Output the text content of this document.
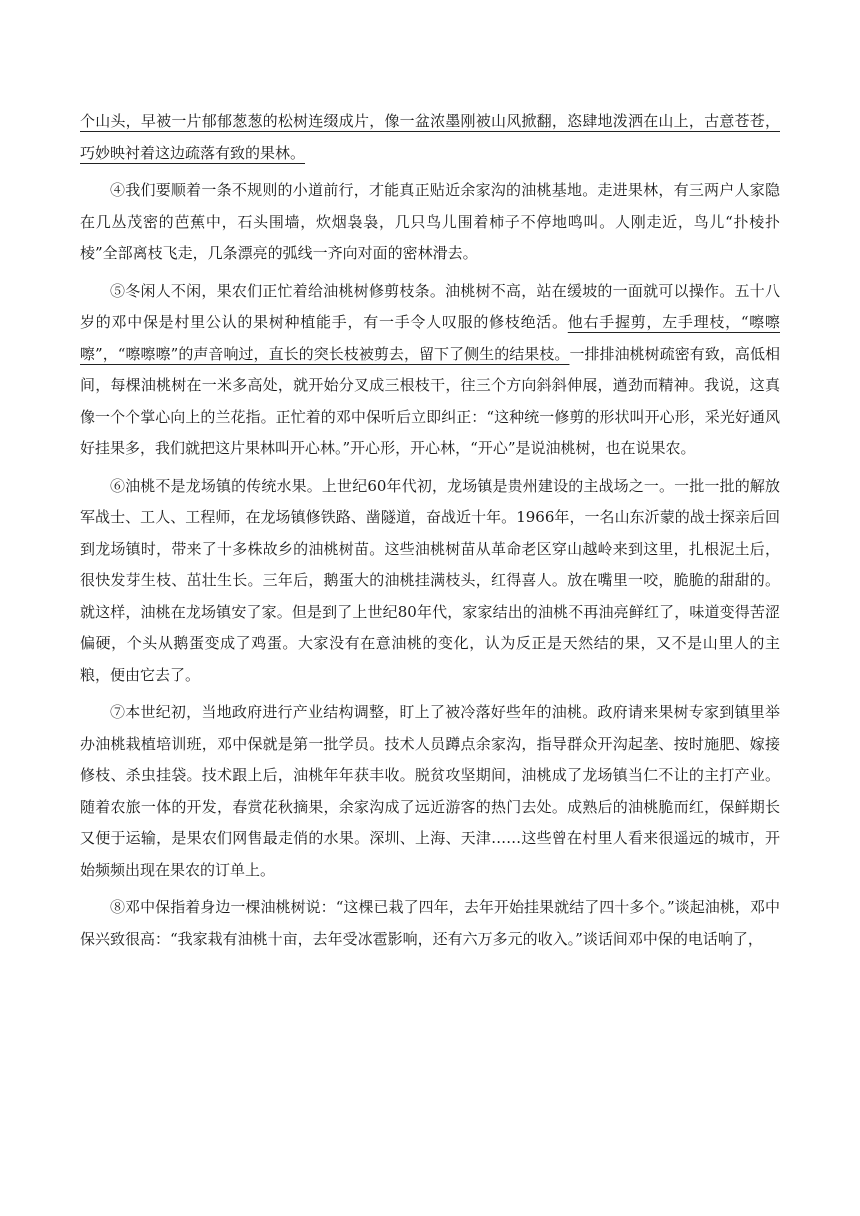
个山头，早被一片郁郁葱葱的松树连缀成片，像一盆浓墨刚被山风掀翻，恣肆地泼洒在山上，古意苍苍，巧妙映衬着这边疏落有致的果林。

④我们要顺着一条不规则的小道前行，才能真正贴近余家沟的油桃基地。走进果林，有三两户人家隐在几丛茂密的芭蕉中，石头围墙，炊烟袅袅，几只鸟儿围着柿子不停地鸣叫。人刚走近，鸟儿“扑棱扑棱”全部离枝飞走，几条漂亮的弧线一齐向对面的密林滑去。

⑤冬闲人不闲，果农们正忙着给油桃树修剪枝条。油桃树不高，站在缓坡的一面就可以操作。五十八岁的邓中保是村里公认的果树种植能手，有一手令人叹服的修枝绝活。他右手握剪，左手理枝，“嚓嚓嚓”，“嚓嚓嚓”的声音响过，直长的突长枝被剪去，留下了侧生的结果枝。一排排油桃树疏密有致，高低相间，每棵油桃树在一米多高处，就开始分叉成三根枝干，往三个方向斜斜伸展，遒劲而精神。我说，这真像一个个掌心向上的兰花指。正忙着的邓中保听后立即纠正：“这种统一修剪的形状叫开心形，采光好通风好挂果多，我们就把这片果林叫开心林。”开心形，开心林，“开心”是说油桃树，也在说果农。

⑥油桃不是龙场镇的传统水果。上世纪60年代初，龙场镇是贵州建设的主战场之一。一批一批的解放军战士、工人、工程师，在龙场镇修铁路、凿隧道，奋战近十年。1966年，一名山东沂蒙的战士探亲后回到龙场镇时，带来了十多株故乡的油桃树苗。这些油桃树苗从革命老区穿山越岭来到这里，扎根泥土后，很快发芽生枝、茁壮生长。三年后，鹅蛋大的油桃挂满枝头，红得喜人。放在嘴里一咬，脆脆的甜甜的。就这样，油桃在龙场镇安了家。但是到了上世纪80年代，家家结出的油桃不再油亮鲜红了，味道变得苦涩偏硬，个头从鹅蛋变成了鸡蛋。大家没有在意油桃的变化，认为反正是天然结的果，又不是山里人的主粮，便由它去了。

⑦本世纪初，当地政府进行产业结构调整，盯上了被冷落好些年的油桃。政府请来果树专家到镇里举办油桃栽植培训班，邓中保就是第一批学员。技术人员蹲点余家沟，指导群众开沟起垄、按时施肥、嫁接修枝、杀虫挂袋。技术跟上后，油桃年年获丰收。脱贫攻坚期间，油桃成了龙场镇当仁不让的主打产业。随着农旅一体的开发，春赏花秋摘果，余家沟成了远近游客的热门去处。成熟后的油桃脆而红，保鲜期长又便于运输，是果农们网售最走俏的水果。深圳、上海、天津……这些曾在村里人看来很遥远的城市，开始频频出现在果农的订单上。

⑧邓中保指着身边一棵油桃树说：“这棵已栽了四年，去年开始挂果就结了四十多个。”谈起油桃，邓中保兴致很高：“我家栽有油桃十亩，去年受冰雹影响，还有六万多元的收入。”谈话间邓中保的电话响了，
